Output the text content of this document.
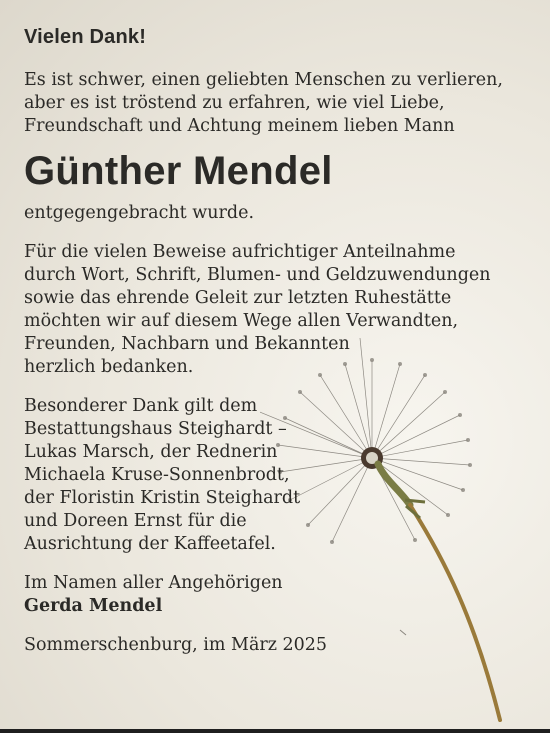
Vielen Dank!

Es ist schwer, einen geliebten Menschen zu verlieren,
aber es ist tröstend zu erfahren, wie viel Liebe,
Freundschaft und Achtung meinem lieben Mann

Günther Mendel

entgegengebracht wurde.

Für die vielen Beweise aufrichtiger Anteilnahme
durch Wort, Schrift, Blumen- und Geldzuwendungen
sowie das ehrende Geleit zur letzten Ruhestätte
möchten wir auf diesem Wege allen Verwandten,
Freunden, Nachbarn und Bekannten
herzlich bedanken.

Besonderer Dank gilt dem
Bestattungshaus Steighardt –
Lukas Marsch, der Rednerin
Michaela Kruse-Sonnenbrodt,
der Floristin Kristin Steighardt
und Doreen Ernst für die
Ausrichtung der Kaffeetafel.

Im Namen aller Angehörigen
Gerda Mendel

Sommerschenburg, im März 2025
